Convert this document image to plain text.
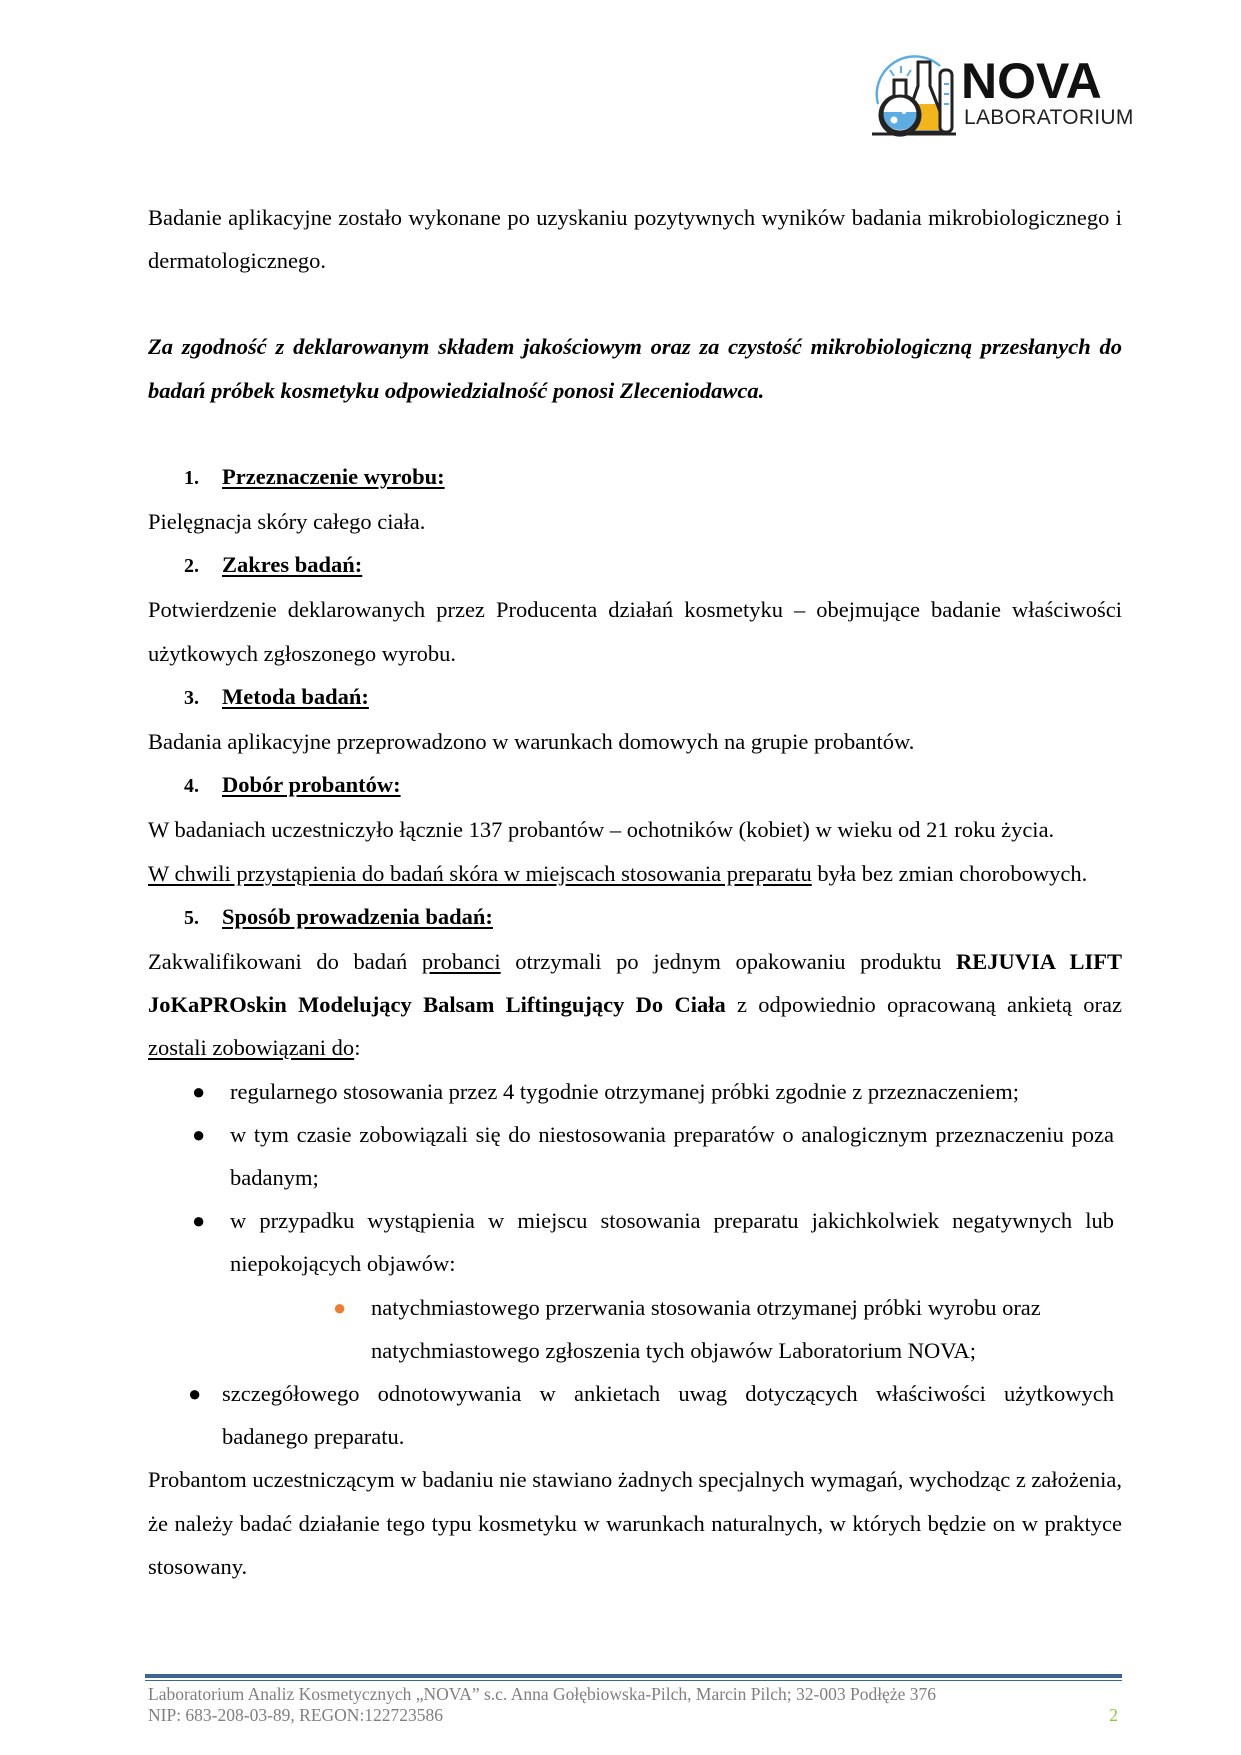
NOVA
LABORATORIUM

Badanie aplikacyjne zostało wykonane po uzyskaniu pozytywnych wyników badania mikrobiologicznego i dermatologicznego.

Za zgodność z deklarowanym składem jakościowym oraz za czystość mikrobiologiczną przesłanych do badań próbek kosmetyku odpowiedzialność ponosi Zleceniodawca.

1. Przeznaczenie wyrobu:

Pielęgnacja skóry całego ciała.

2. Zakres badań:

Potwierdzenie deklarowanych przez Producenta działań kosmetyku – obejmujące badanie właściwości użytkowych zgłoszonego wyrobu.

3. Metoda badań:

Badania aplikacyjne przeprowadzono w warunkach domowych na grupie probantów.

4. Dobór probantów:

W badaniach uczestniczyło łącznie 137 probantów – ochotników (kobiet) w wieku od 21 roku życia.

W chwili przystąpienia do badań skóra w miejscach stosowania preparatu była bez zmian chorobowych.

5. Sposób prowadzenia badań:

Zakwalifikowani do badań probanci otrzymali po jednym opakowaniu produktu REJUVIA LIFT JoKaPROskin Modelujący Balsam Liftingujący Do Ciała z odpowiednio opracowaną ankietą oraz zostali zobowiązani do:

● regularnego stosowania przez 4 tygodnie otrzymanej próbki zgodnie z przeznaczeniem;
● w tym czasie zobowiązali się do niestosowania preparatów o analogicznym przeznaczeniu poza badanym;
● w przypadku wystąpienia w miejscu stosowania preparatu jakichkolwiek negatywnych lub niepokojących objawów:
● natychmiastowego przerwania stosowania otrzymanej próbki wyrobu oraz natychmiastowego zgłoszenia tych objawów Laboratorium NOVA;
● szczegółowego odnotowywania w ankietach uwag dotyczących właściwości użytkowych badanego preparatu.

Probantom uczestniczącym w badaniu nie stawiano żadnych specjalnych wymagań, wychodząc z założenia, że należy badać działanie tego typu kosmetyku w warunkach naturalnych, w których będzie on w praktyce stosowany.

Laboratorium Analiz Kosmetycznych „NOVA” s.c. Anna Gołębiowska-Pilch, Marcin Pilch; 32-003 Podłęże 376
NIP: 683-208-03-89, REGON:122723586	2
